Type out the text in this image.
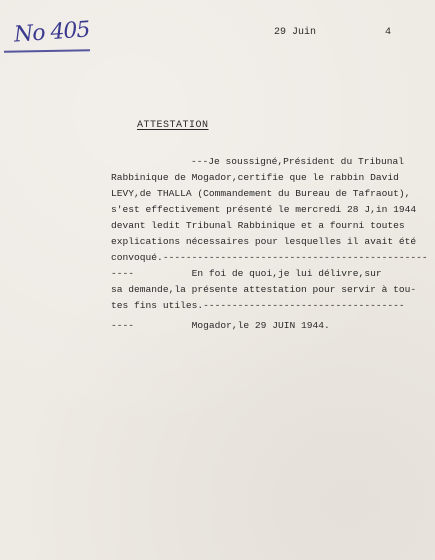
No 405	29 Juin	4
ATTESTATION
---Je soussigné,Président du Tribunal
Rabbinique de Mogador,certifie que le rabbin David
LEVY,de THALLA (Commandement du Bureau de Tafraout),
s'est effectivement présenté le mercredi 28 J,in 1944
devant ledit Tribunal Rabbinique et a fourni toutes
explications nécessaires pour lesquelles il avait été
convoqué.----------------------------------------------
----          En foi de quoi,je lui délivre,sur
sa demande,la présente attestation pour servir à tou-
tes fins utiles.-----------------------------------
----          Mogador,le 29 JUIN 1944.
